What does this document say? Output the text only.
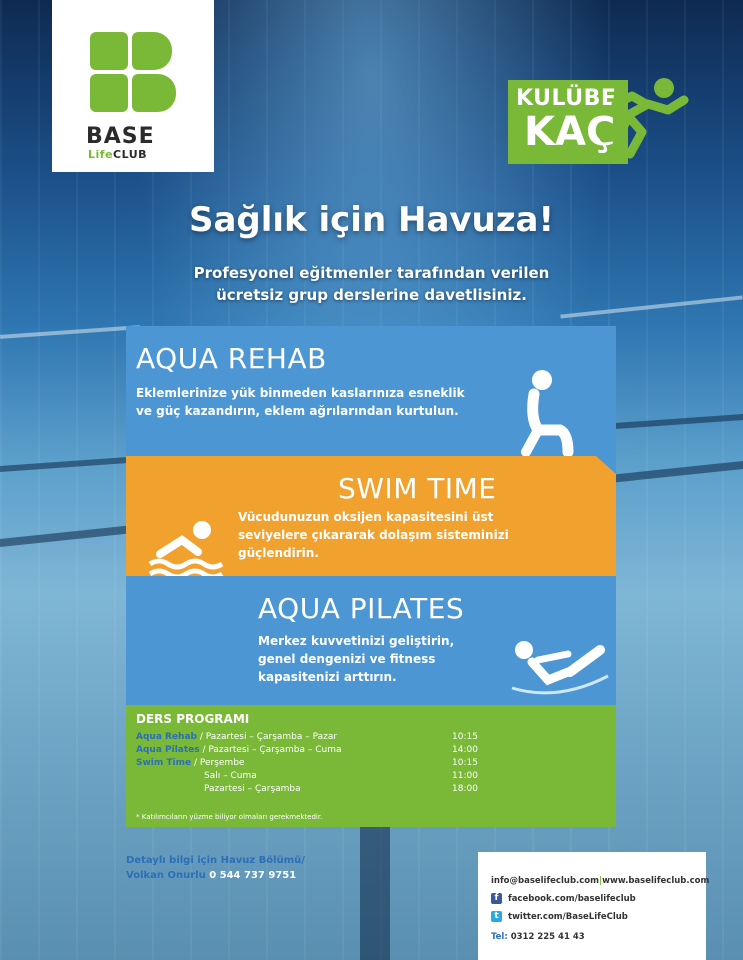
BASE
LifeCLUB
KULÜBE
KAÇ
Sağlık için Havuza!
Profesyonel eğitmenler tarafından verilen
ücretsiz grup derslerine davetlisiniz.
AQUA REHAB
Eklemlerinize yük binmeden kaslarınıza esneklik
ve güç kazandırın, eklem ağrılarından kurtulun.
SWIM TIME
Vücudunuzun oksijen kapasitesini üst
seviyelere çıkararak dolaşım sisteminizi
güçlendirin.
AQUA PILATES
Merkez kuvvetinizi geliştirin,
genel dengenizi ve fitness
kapasitenizi arttırın.
DERS PROGRAMI
Aqua Rehab / Pazartesi – Çarşamba – Pazar	10:15
Aqua Pilates / Pazartesi – Çarşamba – Cuma	14:00
Swim Time / Perşembe	10:15
Salı – Cuma	11:00
Pazartesi – Çarşamba	18:00
* Katılımcıların yüzme biliyor olmaları gerekmektedir.
Detaylı bilgi için Havuz Bölümü/
Volkan Onurlu 0 544 737 9751	info@baselifeclub.com|www.baselifeclub.com
f	facebook.com/baselifeclub
t	twitter.com/BaseLifeClub
Tel: 0312 225 41 43
